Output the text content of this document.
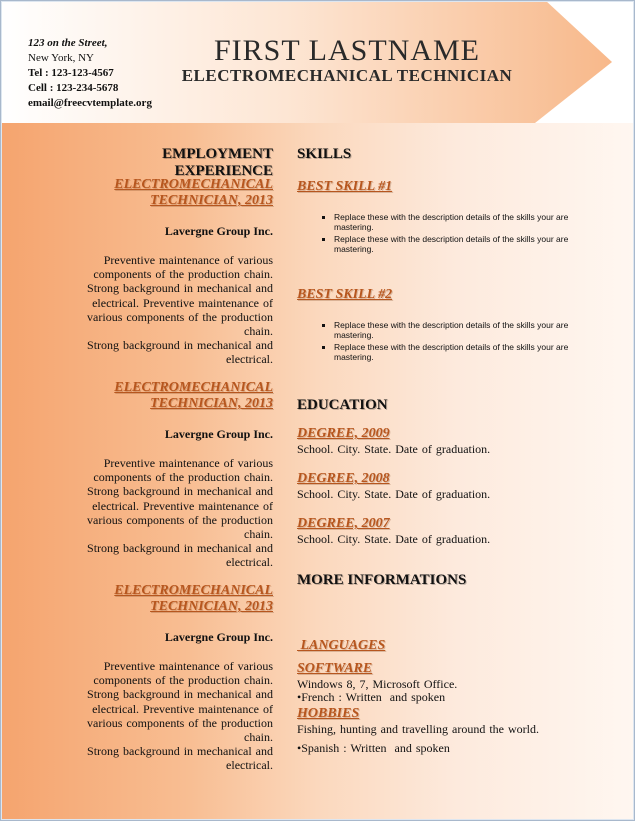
123 on the Street,
New York, NY
Tel : 123-123-4567
Cell : 123-234-5678
email@freecvtemplate.org
FIRST LASTNAME
ELECTROMECHANICAL TECHNICIAN
EMPLOYMENT EXPERIENCE
ELECTROMECHANICAL
TECHNICIAN, 2013
Lavergne Group Inc.
Preventive maintenance of various
components of the production chain.
Strong background in mechanical and
electrical. Preventive maintenance of
various components of the production
chain.
Strong background in mechanical and
electrical.
ELECTROMECHANICAL
TECHNICIAN, 2013
Lavergne Group Inc.
Preventive maintenance of various
components of the production chain.
Strong background in mechanical and
electrical. Preventive maintenance of
various components of the production
chain.
Strong background in mechanical and
electrical.
ELECTROMECHANICAL
TECHNICIAN, 2013
Lavergne Group Inc.
Preventive maintenance of various
components of the production chain.
Strong background in mechanical and
electrical. Preventive maintenance of
various components of the production
chain.
Strong background in mechanical and
electrical.
SKILLS
BEST SKILL #1
▪ Replace these with the description details of the skills your are mastering.
▪ Replace these with the description details of the skills your are mastering.
BEST SKILL #2
▪ Replace these with the description details of the skills your are mastering.
▪ Replace these with the description details of the skills your are mastering.
EDUCATION
DEGREE, 2009
School. City. State. Date of graduation.
DEGREE, 2008
School. City. State. Date of graduation.
DEGREE, 2007
School. City. State. Date of graduation.
MORE INFORMATIONS

LANGUAGES

•French : Written  and spoken

•Spanish : Written  and spoken

SOFTWARE
Windows 8, 7, Microsoft Office.
HOBBIES
Fishing, hunting and travelling around the world.
